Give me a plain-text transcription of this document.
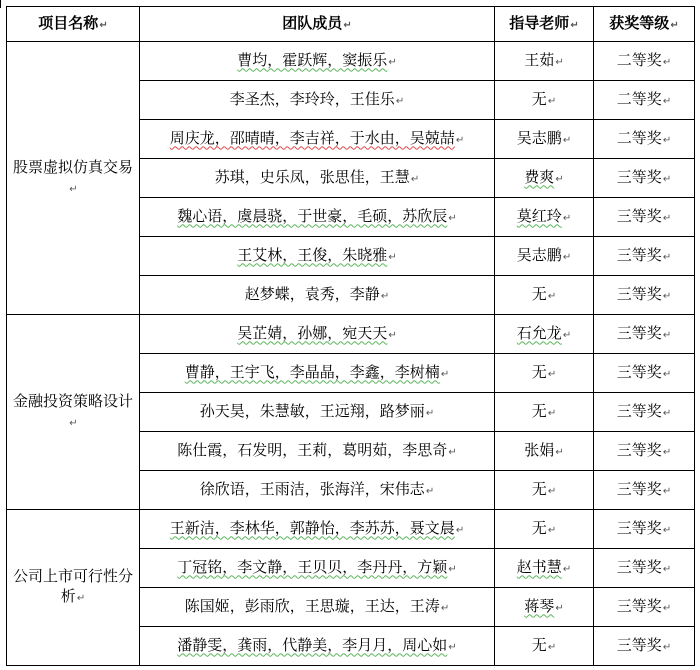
项目名称↵	团队成员↵	指导老师↵	获奖等级↵
股票虚拟仿真交易↵	曹均，霍跃辉，窦振乐↵	王茹↵	二等奖↵
	李圣杰，李玲玲，王佳乐↵	无↵	二等奖↵
	周庆龙，邵晴晴，李吉祥，于水由，吴兢喆↵	吴志鹏↵	二等奖↵
	苏琪，史乐凤，张思佳，王慧↵	费爽↵	三等奖↵
	魏心语，虞晨骁，于世豪，毛硕，苏欣辰↵	莫红玲↵	三等奖↵
	王艾林，王俊，朱晓雅↵	吴志鹏↵	三等奖↵
	赵梦蝶，袁秀，李静↵	无↵	三等奖↵
金融投资策略设计↵	吴芷婧，孙娜，宛天天↵	石允龙↵	三等奖↵
	曹静，王宇飞，李晶晶，李鑫，李树楠↵	无↵	三等奖↵
	孙天昊，朱慧敏，王远翔，路梦丽↵	无↵	三等奖↵
	陈仕霞，石发明，王莉，葛明茹，李思奇↵	张娟↵	三等奖↵
	徐欣语，王雨洁，张海洋，宋伟志↵	无↵	三等奖↵
公司上市可行性分析↵	王新洁，李林华，郭静怡，李苏苏，聂文晨↵	无↵	三等奖↵
	丁冠铭，李文静，王贝贝，李丹丹，方颖↵	赵书慧↵	三等奖↵
	陈国姬，彭雨欣，王思璇，王达，王涛↵	蒋琴↵	三等奖↵
	潘静雯，龚雨，代静美，李月月，周心如↵	无↵	三等奖↵
